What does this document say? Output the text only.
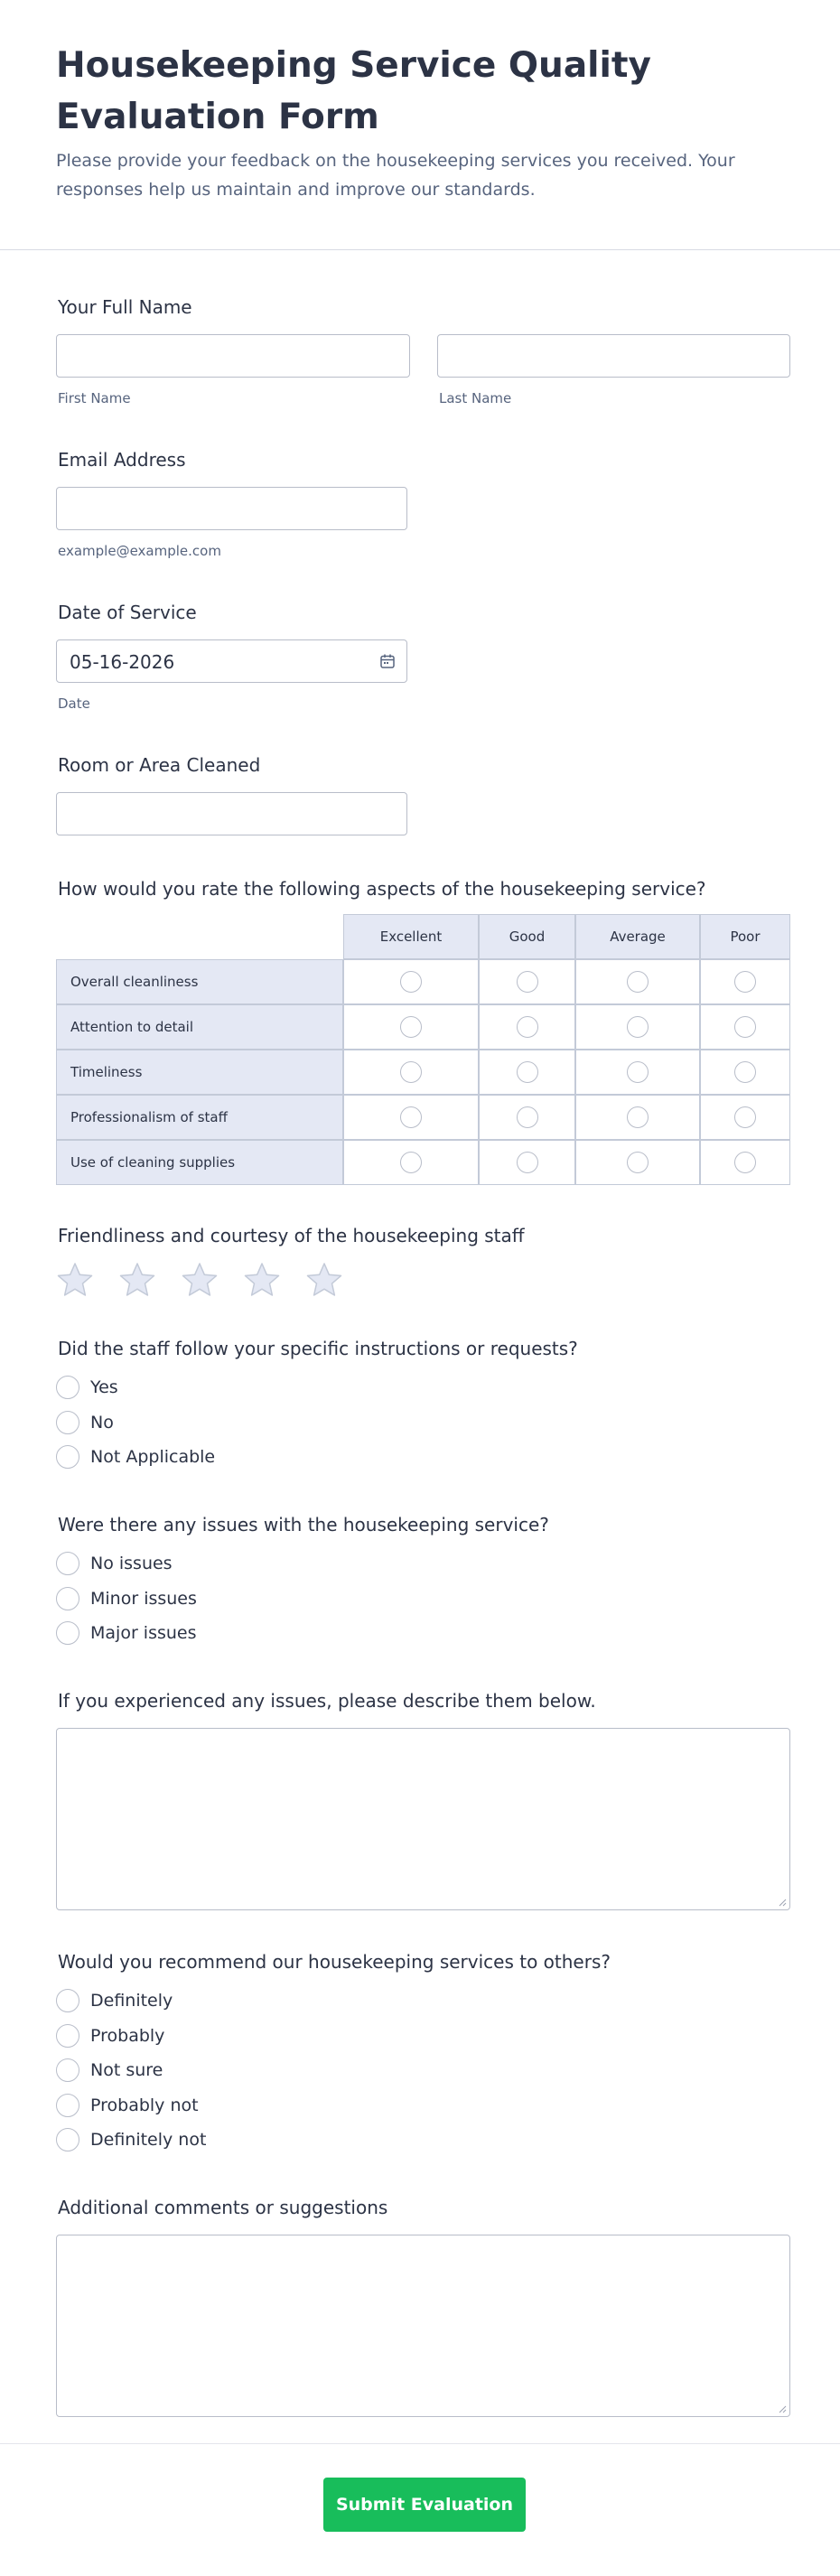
Housekeeping Service Quality Evaluation Form

Please provide your feedback on the housekeeping services you received. Your responses help us maintain and improve our standards.

Your Full Name
First Name	Last Name
Email Address
example@example.com
Date of Service
05-16-2026
Date
Room or Area Cleaned
How would you rate the following aspects of the housekeeping service?
Excellent	Good	Average	Poor
Overall cleanliness
Attention to detail
Timeliness
Professionalism of staff
Use of cleaning supplies
Friendliness and courtesy of the housekeeping staff
Did the staff follow your specific instructions or requests?
Yes
No
Not Applicable
Were there any issues with the housekeeping service?
No issues
Minor issues
Major issues
If you experienced any issues, please describe them below.
Would you recommend our housekeeping services to others?
Definitely
Probably
Not sure
Probably not
Definitely not
Additional comments or suggestions
Submit Evaluation
